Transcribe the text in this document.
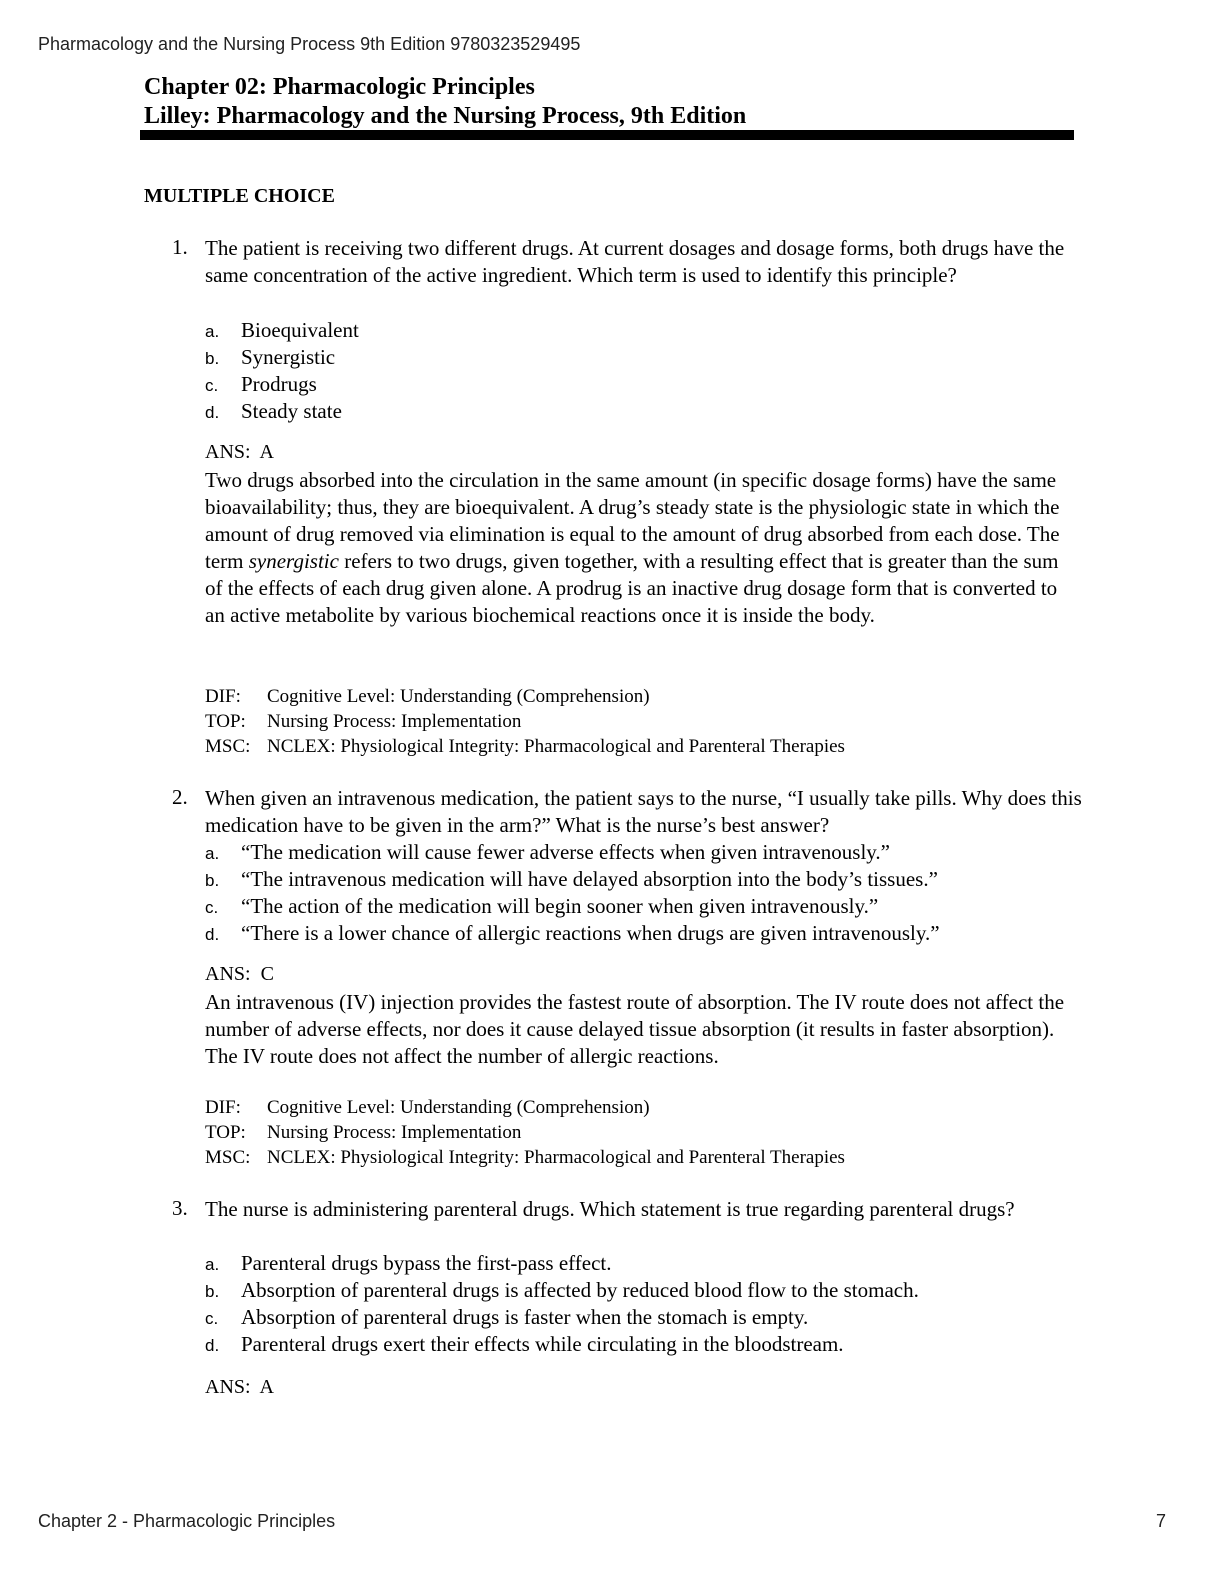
Pharmacology and the Nursing Process 9th Edition 9780323529495
Chapter 02: Pharmacologic Principles
Lilley: Pharmacology and the Nursing Process, 9th Edition
MULTIPLE CHOICE
1. The patient is receiving two different drugs. At current dosages and dosage forms, both drugs have the same concentration of the active ingredient. Which term is used to identify this principle?
a. Bioequivalent
b. Synergistic
c. Prodrugs
d. Steady state
ANS: A
Two drugs absorbed into the circulation in the same amount (in specific dosage forms) have the same bioavailability; thus, they are bioequivalent. A drug’s steady state is the physiologic state in which the amount of drug removed via elimination is equal to the amount of drug absorbed from each dose. The term synergistic refers to two drugs, given together, with a resulting effect that is greater than the sum of the effects of each drug given alone. A prodrug is an inactive drug dosage form that is converted to an active metabolite by various biochemical reactions once it is inside the body.
DIF: Cognitive Level: Understanding (Comprehension)
TOP: Nursing Process: Implementation
MSC: NCLEX: Physiological Integrity: Pharmacological and Parenteral Therapies
2. When given an intravenous medication, the patient says to the nurse, “I usually take pills. Why does this medication have to be given in the arm?” What is the nurse’s best answer?
a. “The medication will cause fewer adverse effects when given intravenously.”
b. “The intravenous medication will have delayed absorption into the body’s tissues.”
c. “The action of the medication will begin sooner when given intravenously.”
d. “There is a lower chance of allergic reactions when drugs are given intravenously.”
ANS: C
An intravenous (IV) injection provides the fastest route of absorption. The IV route does not affect the number of adverse effects, nor does it cause delayed tissue absorption (it results in faster absorption). The IV route does not affect the number of allergic reactions.
DIF: Cognitive Level: Understanding (Comprehension)
TOP: Nursing Process: Implementation
MSC: NCLEX: Physiological Integrity: Pharmacological and Parenteral Therapies
3. The nurse is administering parenteral drugs. Which statement is true regarding parenteral drugs?
a. Parenteral drugs bypass the first-pass effect.
b. Absorption of parenteral drugs is affected by reduced blood flow to the stomach.
c. Absorption of parenteral drugs is faster when the stomach is empty.
d. Parenteral drugs exert their effects while circulating in the bloodstream.
ANS: A
Chapter 2 - Pharmacologic Principles	7
